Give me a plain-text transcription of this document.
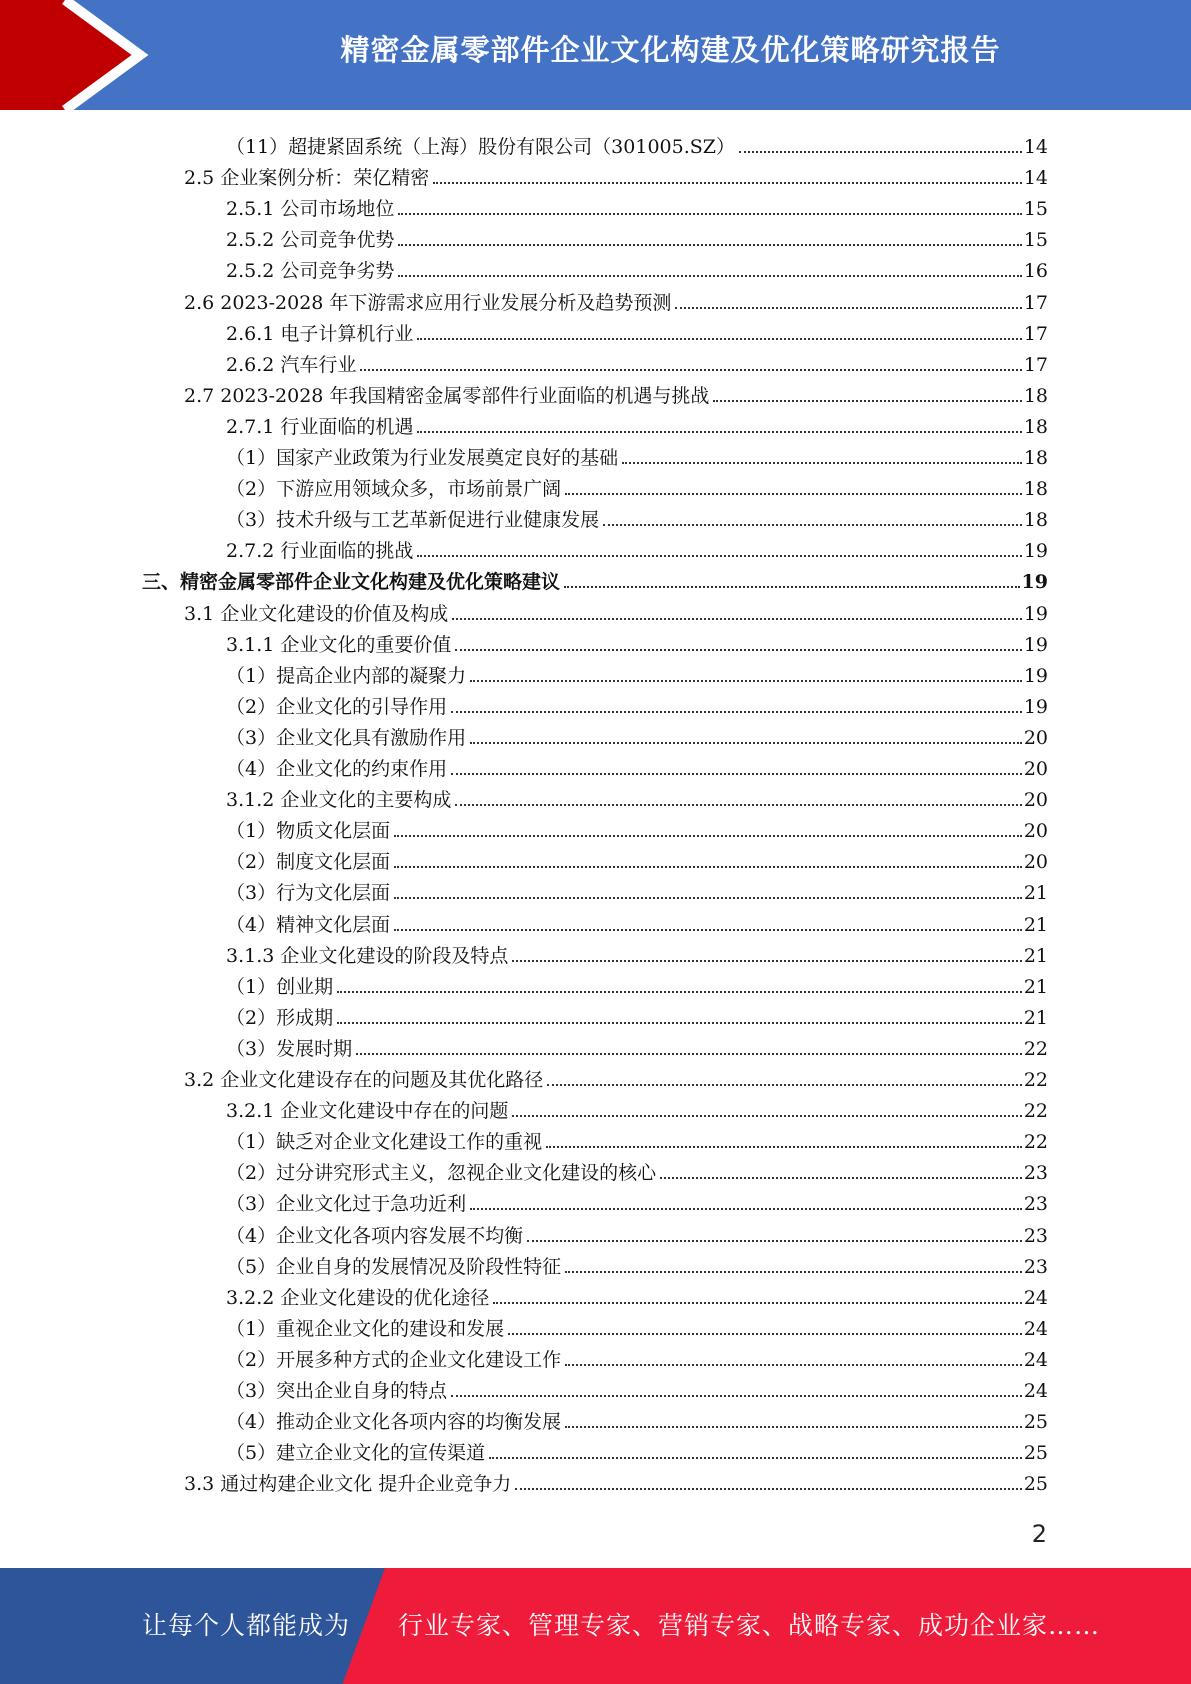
精密金属零部件企业文化构建及优化策略研究报告
（11）超捷紧固系统（上海）股份有限公司（301005.SZ）	14
2.5 企业案例分析：荣亿精密	14
2.5.1 公司市场地位	15
2.5.2 公司竞争优势	15
2.5.2 公司竞争劣势	16
2.6 2023-2028 年下游需求应用行业发展分析及趋势预测	17
2.6.1 电子计算机行业	17
2.6.2 汽车行业	17
2.7 2023-2028 年我国精密金属零部件行业面临的机遇与挑战	18
2.7.1 行业面临的机遇	18
（1）国家产业政策为行业发展奠定良好的基础	18
（2）下游应用领域众多，市场前景广阔	18
（3）技术升级与工艺革新促进行业健康发展	18
2.7.2 行业面临的挑战	19
三、精密金属零部件企业文化构建及优化策略建议	19
3.1 企业文化建设的价值及构成	19
3.1.1 企业文化的重要价值	19
（1）提高企业内部的凝聚力	19
（2）企业文化的引导作用	19
（3）企业文化具有激励作用	20
（4）企业文化的约束作用	20
3.1.2 企业文化的主要构成	20
（1）物质文化层面	20
（2）制度文化层面	20
（3）行为文化层面	21
（4）精神文化层面	21
3.1.3 企业文化建设的阶段及特点	21
（1）创业期	21
（2）形成期	21
（3）发展时期	22
3.2 企业文化建设存在的问题及其优化路径	22
3.2.1 企业文化建设中存在的问题	22
（1）缺乏对企业文化建设工作的重视	22
（2）过分讲究形式主义，忽视企业文化建设的核心	23
（3）企业文化过于急功近利	23
（4）企业文化各项内容发展不均衡	23
（5）企业自身的发展情况及阶段性特征	23
3.2.2 企业文化建设的优化途径	24
（1）重视企业文化的建设和发展	24
（2）开展多种方式的企业文化建设工作	24
（3）突出企业自身的特点	24
（4）推动企业文化各项内容的均衡发展	25
（5）建立企业文化的宣传渠道	25
3.3 通过构建企业文化 提升企业竞争力	25
2
让每个人都能成为 行业专家、管理专家、营销专家、战略专家、成功企业家……
